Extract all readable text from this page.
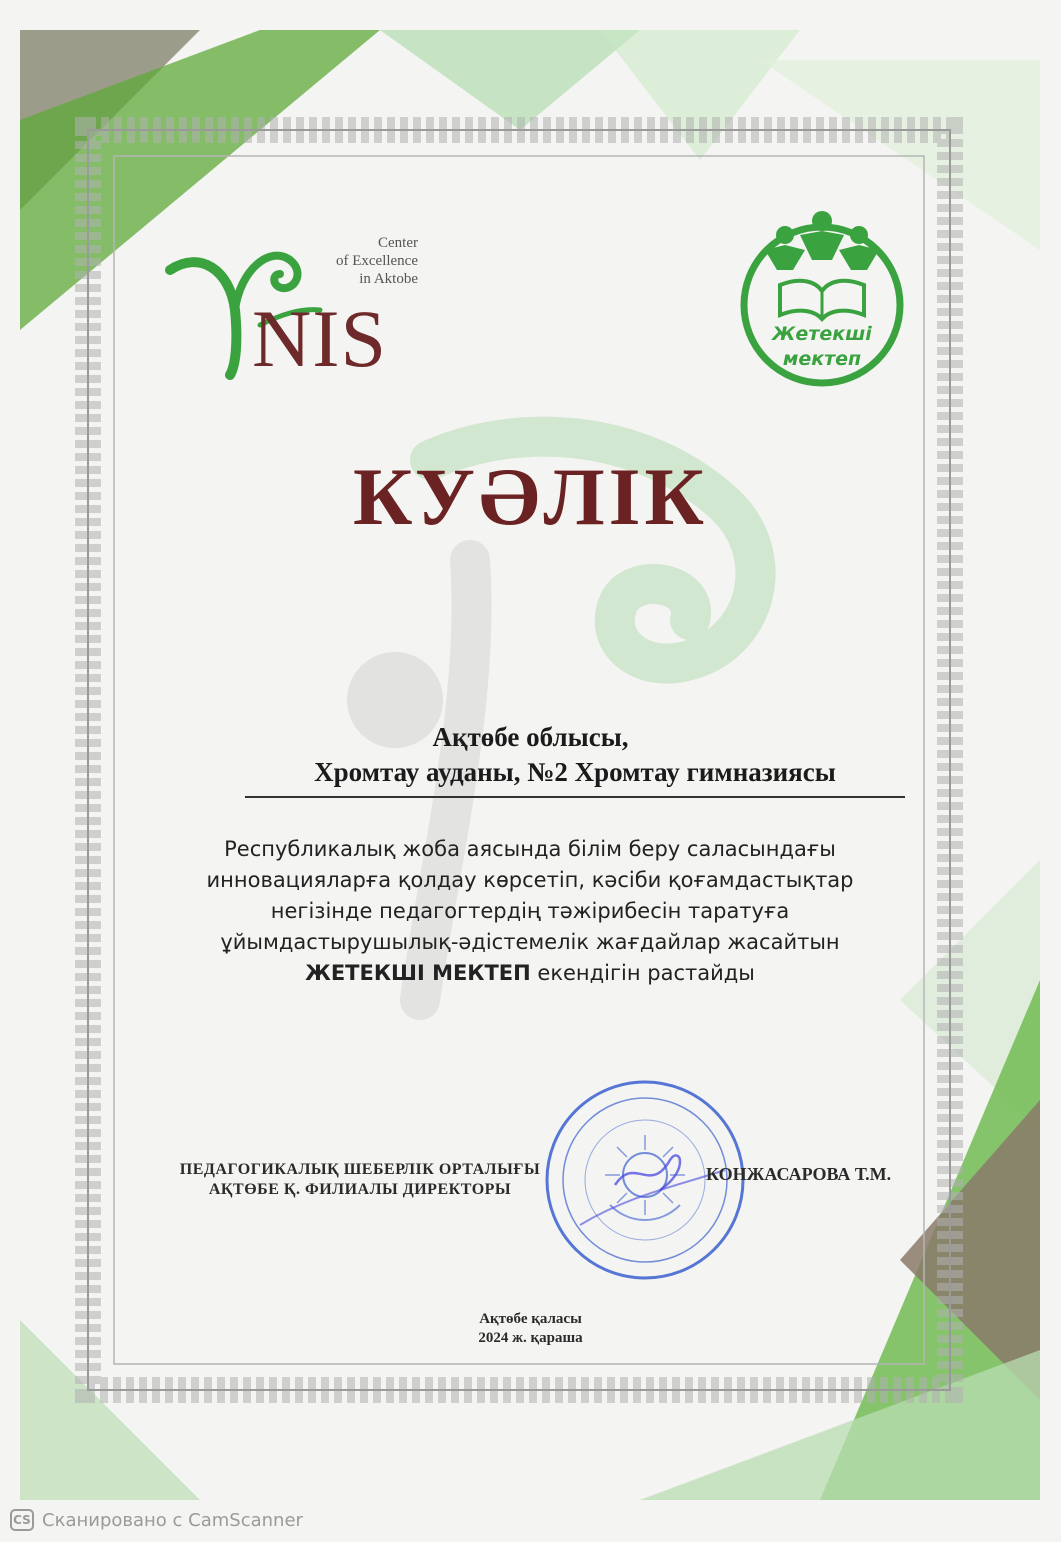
Center
of Excellence
in Aktobe
NIS	Жетекші
мектеп
КУӘЛІК
Ақтөбе облысы,
Хромтау ауданы, №2 Хромтау гимназиясы
Республикалық жоба аясында білім беру саласындағы
инновацияларға қолдау көрсетіп, кәсіби қоғамдастықтар
негізінде педагогтердің тәжірибесін таратуға
ұйымдастырушылық-әдістемелік жағдайлар жасайтын
ЖЕТЕКШІ МЕКТЕП екендігін растайды
ПЕДАГОГИКАЛЫҚ ШЕБЕРЛІК ОРТАЛЫҒЫ
АҚТӨБЕ Қ. ФИЛИАЛЫ ДИРЕКТОРЫ
КОНЖАСАРОВА Т.М.
Ақтөбе қаласы
2024 ж. қараша
CS Сканировано с CamScanner
